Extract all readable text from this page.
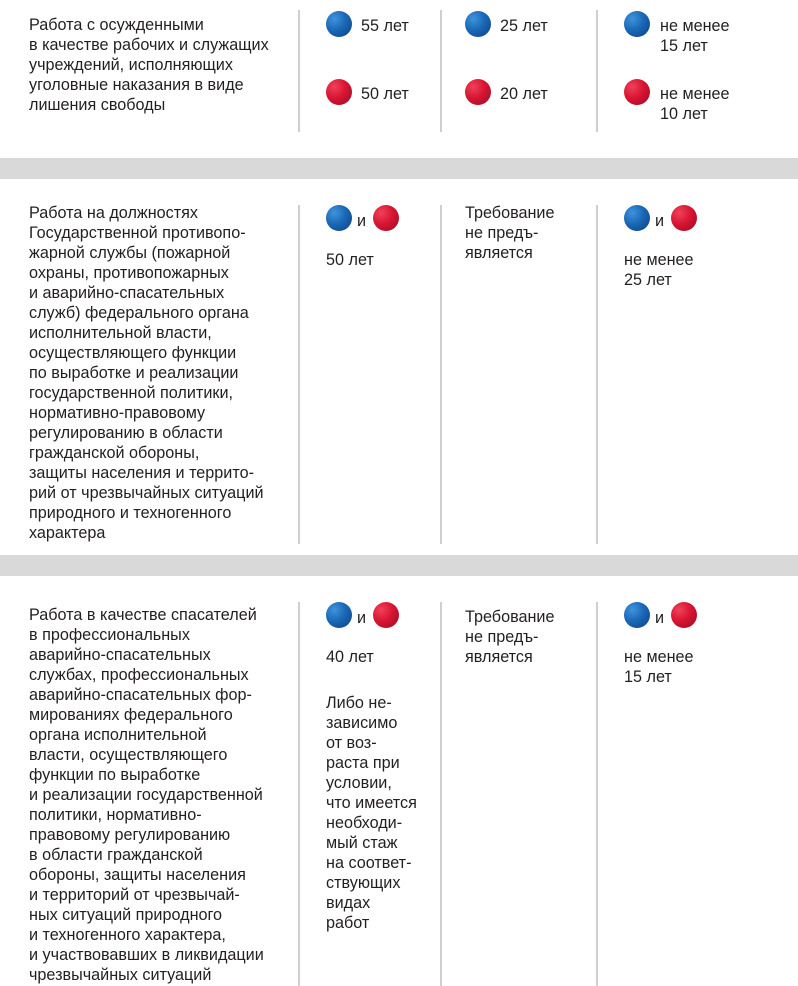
Работа с осужденными
в качестве рабочих и служащих
учреждений, исполняющих
уголовные наказания в виде
лишения свободы
55 лет
50 лет
25 лет
20 лет
не менее
15 лет
не менее
10 лет
Работа на должностях
Государственной противопо-
жарной службы (пожарной
охраны, противопожарных
и аварийно-спасательных
служб) федерального органа
исполнительной власти,
осуществляющего функции
по выработке и реализации
государственной политики,
нормативно-правовому
регулированию в области
гражданской обороны,
защиты населения и террито-
рий от чрезвычайных ситуаций
природного и техногенного
характера
и
50 лет
Требование
не предъ-
является
и
не менее
25 лет
Работа в качестве спасателей
в профессиональных
аварийно-спасательных
службах, профессиональных
аварийно-спасательных фор-
мированиях федерального
органа исполнительной
власти, осуществляющего
функции по выработке
и реализации государственной
политики, нормативно-
правовому регулированию
в области гражданской
обороны, защиты населения
и территорий от чрезвычай-
ных ситуаций природного
и техногенного характера,
и участвовавших в ликвидации
чрезвычайных ситуаций
и
40 лет
Либо не-
зависимо
от воз-
раста при
условии,
что имеется
необходи-
мый стаж
на соответ-
ствующих
видах
работ
Требование
не предъ-
является
и
не менее
15 лет
